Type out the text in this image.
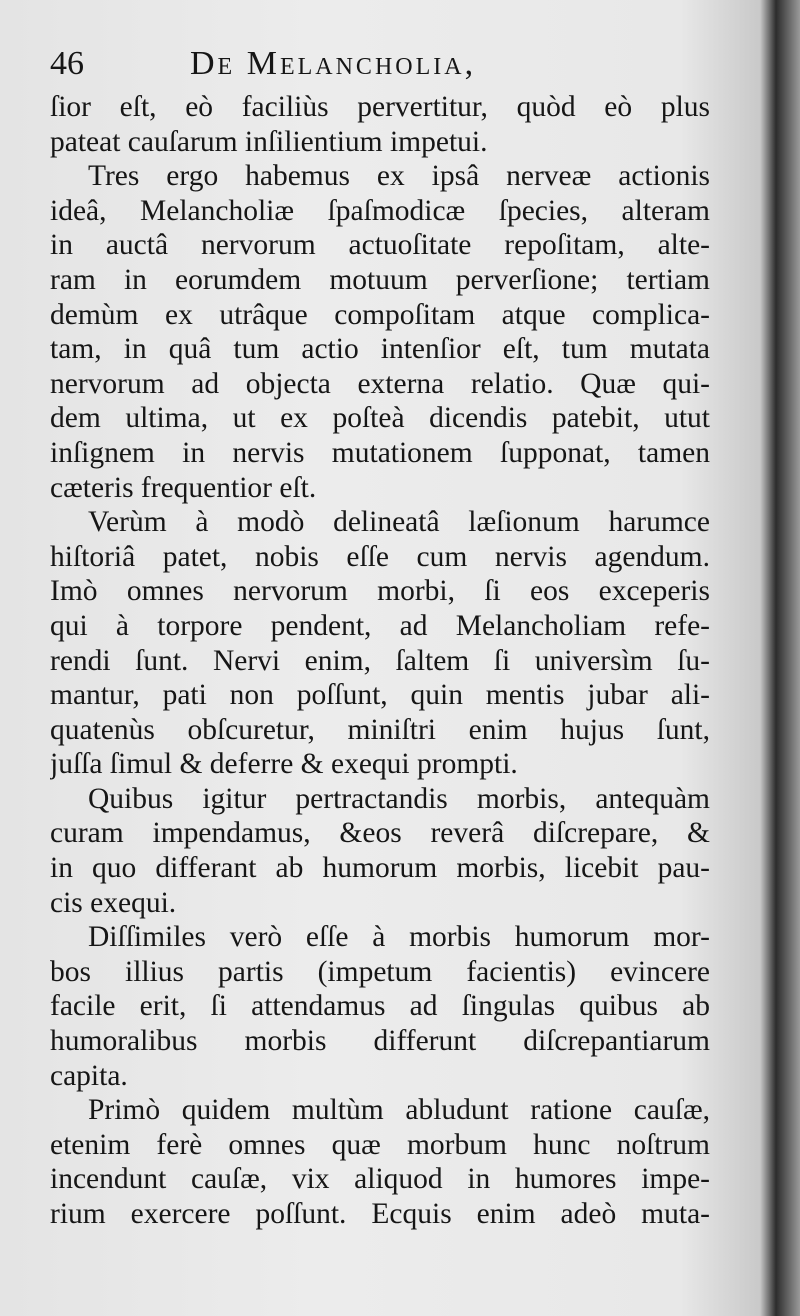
46	De Melancholia,
ſior eſt, eò faciliùs pervertitur, quòd eò plus
pateat cauſarum inſilientium impetui.
Tres ergo habemus ex ipsâ nerveæ actionis
ideâ, Melancholiæ ſpaſmodicæ ſpecies, alteram
in auctâ nervorum actuoſitate repoſitam, alte-
ram in eorumdem motuum perverſione; tertiam
demùm ex utrâque compoſitam atque complica-
tam, in quâ tum actio intenſior eſt, tum mutata
nervorum ad objecta externa relatio. Quæ qui-
dem ultima, ut ex poſteà dicendis patebit, utut
inſignem in nervis mutationem ſupponat, tamen
cæteris frequentior eſt.
Verùm à modò delineatâ læſionum harumce
hiſtoriâ patet, nobis eſſe cum nervis agendum.
Imò omnes nervorum morbi, ſi eos exceperis
qui à torpore pendent, ad Melancholiam refe-
rendi ſunt. Nervi enim, ſaltem ſi universìm ſu-
mantur, pati non poſſunt, quin mentis jubar ali-
quatenùs obſcuretur, miniſtri enim hujus ſunt,
juſſa ſimul & deferre & exequi prompti.
Quibus igitur pertractandis morbis, antequàm
curam impendamus, &eos reverâ diſcrepare, &
in quo differant ab humorum morbis, licebit pau-
cis exequi.
Diſſimiles verò eſſe à morbis humorum mor-
bos illius partis (impetum facientis) evincere
facile erit, ſi attendamus ad ſingulas quibus ab
humoralibus morbis differunt diſcrepantiarum
capita.
Primò quidem multùm abludunt ratione cauſæ,
etenim ferè omnes quæ morbum hunc noſtrum
incendunt cauſæ, vix aliquod in humores impe-
rium exercere poſſunt. Ecquis enim adeò muta-
